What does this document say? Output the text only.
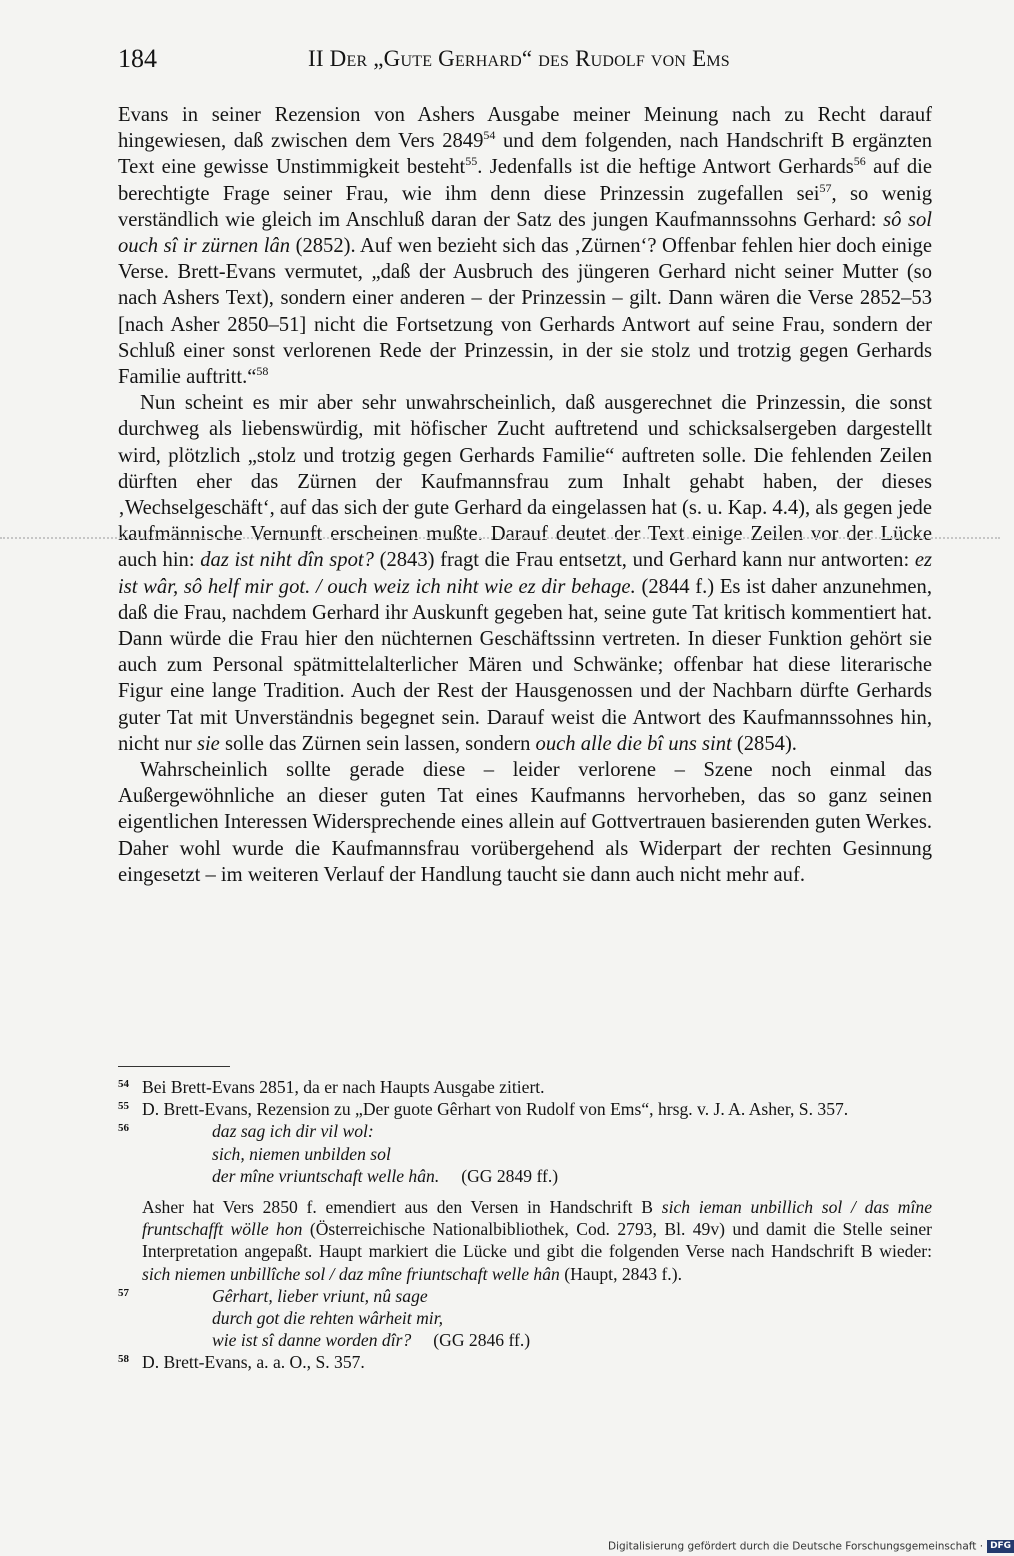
184	II Der „Gute Gerhard“ des Rudolf von Ems

Evans in seiner Rezension von Ashers Ausgabe meiner Meinung nach zu Recht darauf hingewiesen, daß zwischen dem Vers 2849$^{54}$ und dem folgenden, nach Handschrift B ergänzten Text eine gewisse Unstimmigkeit besteht$^{55}$. Jedenfalls ist die heftige Antwort Gerhards$^{56}$ auf die berechtigte Frage seiner Frau, wie ihm denn diese Prinzessin zugefallen sei$^{57}$, so wenig verständlich wie gleich im Anschluß daran der Satz des jungen Kaufmannssohns Gerhard: sô sol ouch sî ir zürnen lân (2852). Auf wen bezieht sich das ‚Zürnen‘? Offenbar fehlen hier doch einige Verse. Brett-Evans vermutet, „daß der Ausbruch des jüngeren Gerhard nicht seiner Mutter (so nach Ashers Text), sondern einer anderen – der Prinzessin – gilt. Dann wären die Verse 2852–53 [nach Asher 2850–51] nicht die Fortsetzung von Gerhards Antwort auf seine Frau, sondern der Schluß einer sonst verlorenen Rede der Prinzessin, in der sie stolz und trotzig gegen Gerhards Familie auftritt.“$^{58}$

Nun scheint es mir aber sehr unwahrscheinlich, daß ausgerechnet die Prinzessin, die sonst durchweg als liebenswürdig, mit höfischer Zucht auftretend und schicksalsergeben dargestellt wird, plötzlich „stolz und trotzig gegen Gerhards Familie“ auftreten solle. Die fehlenden Zeilen dürften eher das Zürnen der Kaufmannsfrau zum Inhalt gehabt haben, der dieses ‚Wechselgeschäft‘, auf das sich der gute Gerhard da eingelassen hat (s. u. Kap. 4.4), als gegen jede kaufmännische Vernunft erscheinen mußte. Darauf deutet der Text einige Zeilen vor der Lücke auch hin: daz ist niht dîn spot? (2843) fragt die Frau entsetzt, und Gerhard kann nur antworten: ez ist wâr, sô helf mir got. / ouch weiz ich niht wie ez dir behage. (2844 f.) Es ist daher anzunehmen, daß die Frau, nachdem Gerhard ihr Auskunft gegeben hat, seine gute Tat kritisch kommentiert hat. Dann würde die Frau hier den nüchternen Geschäftssinn vertreten. In dieser Funktion gehört sie auch zum Personal spätmittelalterlicher Mären und Schwänke; offenbar hat diese literarische Figur eine lange Tradition. Auch der Rest der Hausgenossen und der Nachbarn dürfte Gerhards guter Tat mit Unverständnis begegnet sein. Darauf weist die Antwort des Kaufmannssohnes hin, nicht nur sie solle das Zürnen sein lassen, sondern ouch alle die bî uns sint (2854).

Wahrscheinlich sollte gerade diese – leider verlorene – Szene noch einmal das Außergewöhnliche an dieser guten Tat eines Kaufmanns hervorheben, das so ganz seinen eigentlichen Interessen Widersprechende eines allein auf Gottvertrauen basierenden guten Werkes. Daher wohl wurde die Kaufmannsfrau vorübergehend als Widerpart der rechten Gesinnung eingesetzt – im weiteren Verlauf der Handlung taucht sie dann auch nicht mehr auf.

54 Bei Brett-Evans 2851, da er nach Haupts Ausgabe zitiert.
55 D. Brett-Evans, Rezension zu „Der guote Gêrhart von Rudolf von Ems“, hrsg. v. J. A. Asher, S. 357.
56	daz sag ich dir vil wol:
sich, niemen unbilden sol
der mîne vriuntschaft welle hân. (GG 2849 ff.)
Asher hat Vers 2850 f. emendiert aus den Versen in Handschrift B sich ieman unbillich sol / das mîne fruntschafft wölle hon (Österreichische Nationalbibliothek, Cod. 2793, Bl. 49v) und damit die Stelle seiner Interpretation angepaßt. Haupt markiert die Lücke und gibt die folgenden Verse nach Handschrift B wieder: sich niemen unbillîche sol / daz mîne friuntschaft welle hân (Haupt, 2843 f.).
57	Gêrhart, lieber vriunt, nû sage
durch got die rehten wârheit mir,
wie ist sî danne worden dîr? (GG 2846 ff.)
58 D. Brett-Evans, a. a. O., S. 357.
Digitalisierung gefördert durch die Deutsche Forschungsgemeinschaft · DFG
